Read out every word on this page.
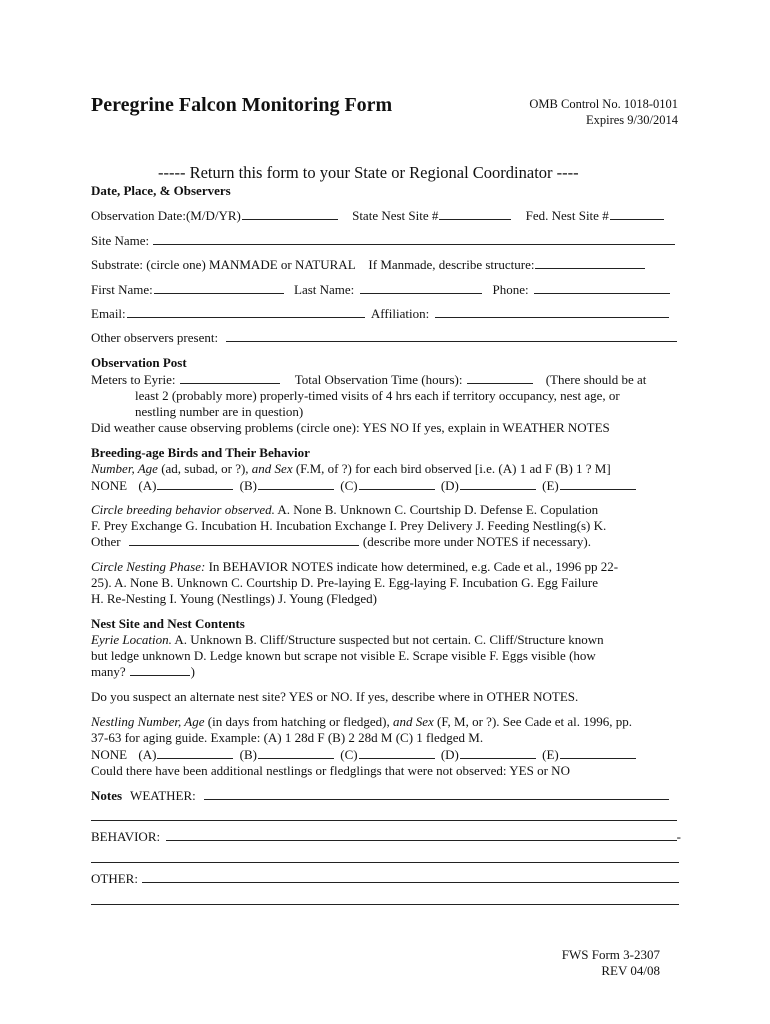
Peregrine Falcon Monitoring Form	OMB Control No. 1018-0101
Expires 9/30/2014
----- Return this form to your State or Regional Coordinator ----
Date, Place, & Observers
Observation Date:(M/D/YR)	State Nest Site #	Fed. Nest Site #
Site Name:
Substrate: (circle one) MANMADE or NATURAL If Manmade, describe structure:
First Name:	Last Name:	Phone:
Email:	Affiliation:
Other observers present:
Observation Post
Meters to Eyrie:	Total Observation Time (hours):	(There should be at
least 2 (probably more) properly-timed visits of 4 hrs each if territory occupancy, nest age, or
nestling number are in question)
Did weather cause observing problems (circle one): YES NO If yes, explain in WEATHER NOTES
Breeding-age Birds and Their Behavior
Number, Age (ad, subad, or ?), and Sex (F.M, of ?) for each bird observed [i.e. (A) 1 ad F (B) 1 ? M]
NONE (A)	(B)	(C)	(D)	(E)
Circle breeding behavior observed. A. None B. Unknown C. Courtship D. Defense E. Copulation
F. Prey Exchange G. Incubation H. Incubation Exchange I. Prey Delivery J. Feeding Nestling(s) K.
Other	(describe more under NOTES if necessary).
Circle Nesting Phase: In BEHAVIOR NOTES indicate how determined, e.g. Cade et al., 1996 pp 22-
25). A. None B. Unknown C. Courtship D. Pre-laying E. Egg-laying F. Incubation G. Egg Failure
H. Re-Nesting I. Young (Nestlings) J. Young (Fledged)
Nest Site and Nest Contents
Eyrie Location. A. Unknown B. Cliff/Structure suspected but not certain. C. Cliff/Structure known
but ledge unknown D. Ledge known but scrape not visible E. Scrape visible F. Eggs visible (how
many?	)
Do you suspect an alternate nest site? YES or NO. If yes, describe where in OTHER NOTES.
Nestling Number, Age (in days from hatching or fledged), and Sex (F, M, or ?). See Cade et al. 1996, pp.
37-63 for aging guide. Example: (A) 1 28d F (B) 2 28d M (C) 1 fledged M.
NONE (A)	(B)	(C)	(D)	(E)
Could there have been additional nestlings or fledglings that were not observed: YES or NO
Notes WEATHER:
BEHAVIOR:	-
OTHER:
FWS Form 3-2307
REV 04/08
